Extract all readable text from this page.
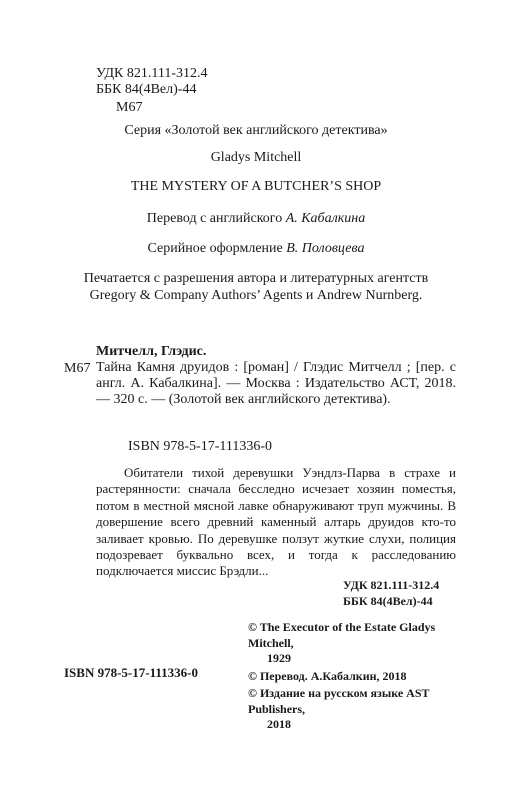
УДК 821.111-312.4
ББК 84(4Вел)-44
М67
Серия «Золотой век английского детектива»
Gladys Mitchell
THE MYSTERY OF A BUTCHER’S SHOP
Перевод с английского А. Кабалкина
Серийное оформление В. Половцева
Печатается с разрешения автора и литературных агентств
Gregory & Company Authors’ Agents и Andrew Nurnberg.
Митчелл, Глэдис.
М67 Тайна Камня друидов : [роман] / Глэдис Митчелл ; [пер. с англ. А. Кабалкина]. — Москва : Издательство АСТ, 2018. — 320 с. — (Золотой век английского детектива).
ISBN 978-5-17-111336-0
Обитатели тихой деревушки Уэндлз-Парва в страхе и растерянности: сначала бесследно исчезает хозяин поместья, потом в местной мясной лавке обнаруживают труп мужчины. В довершение всего древний каменный алтарь друидов кто-то заливает кровью. По деревушке ползут жуткие слухи, полиция подозревает буквально всех, и тогда к расследованию подключается миссис Брэдли...
УДК 821.111-312.4
ББК 84(4Вел)-44
© The Executor of the Estate Gladys Mitchell,
1929
© Перевод. А.Кабалкин, 2018
© Издание на русском языке AST Publishers,
2018
ISBN 978-5-17-111336-0
